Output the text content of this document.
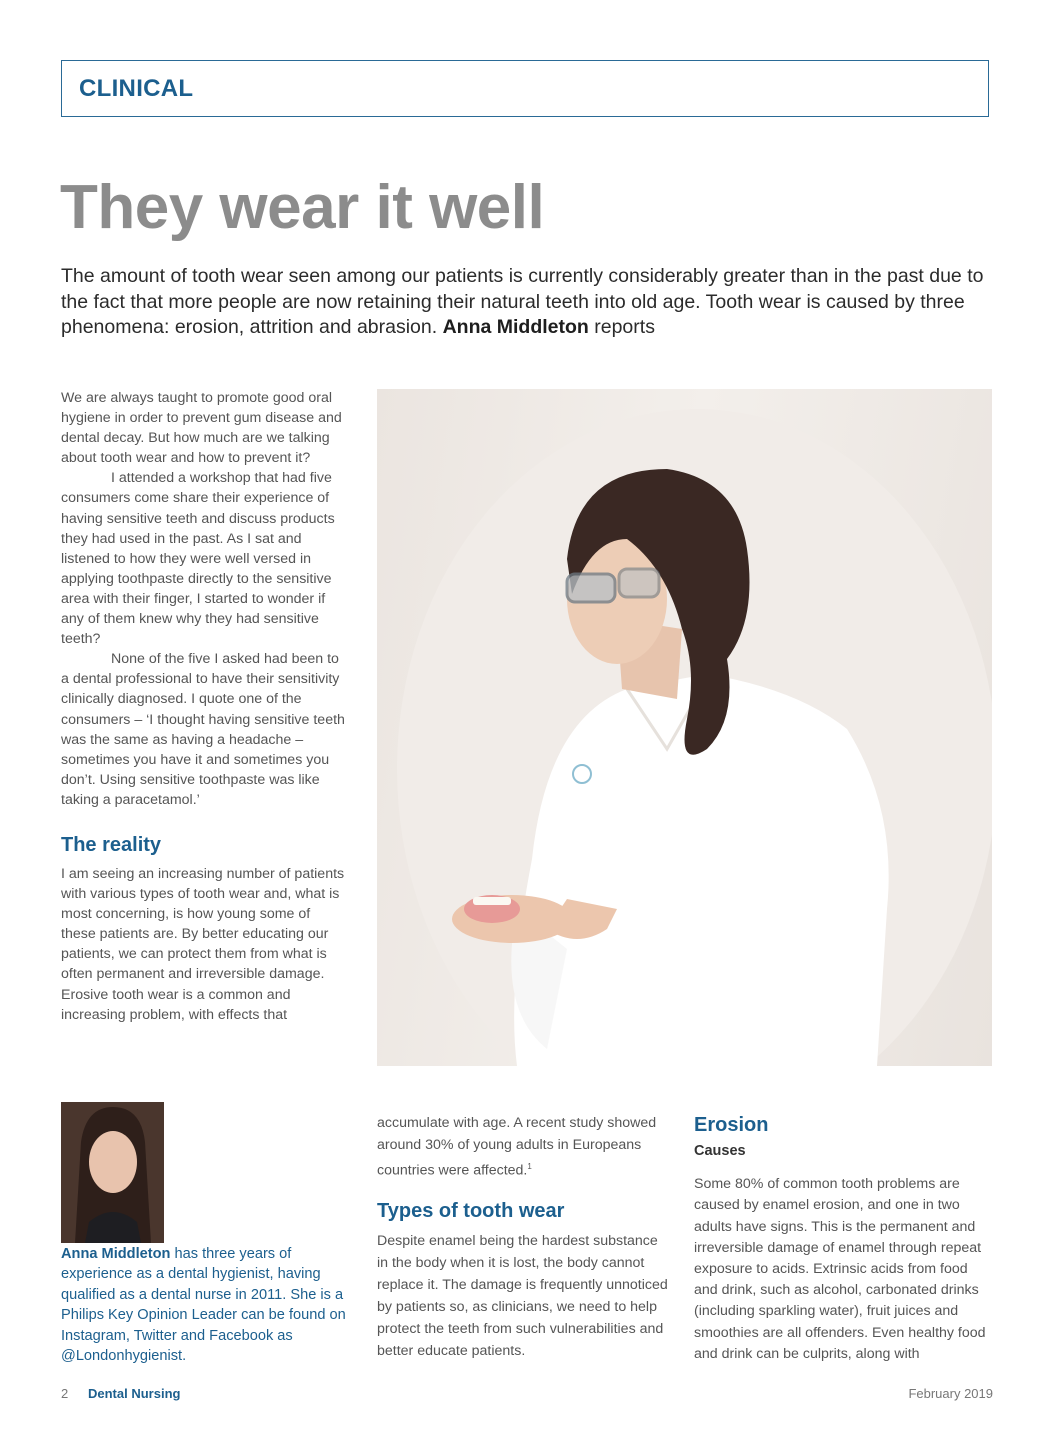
CLINICAL
They wear it well

The amount of tooth wear seen among our patients is currently considerably greater than in the past due to the fact that more people are now retaining their natural teeth into old age. Tooth wear is caused by three phenomena: erosion, attrition and abrasion. Anna Middleton reports

We are always taught to promote good oral hygiene in order to prevent gum disease and dental decay. But how much are we talking about tooth wear and how to prevent it?

I attended a workshop that had five consumers come share their experience of having sensitive teeth and discuss products they had used in the past. As I sat and listened to how they were well versed in applying toothpaste directly to the sensitive area with their finger, I started to wonder if any of them knew why they had sensitive teeth?

None of the five I asked had been to a dental professional to have their sensitivity clinically diagnosed. I quote one of the consumers – ‘I thought having sensitive teeth was the same as having a headache – sometimes you have it and sometimes you don’t. Using sensitive toothpaste was like taking a paracetamol.’

The reality

I am seeing an increasing number of patients with various types of tooth wear and, what is most concerning, is how young some of these patients are. By better educating our patients, we can protect them from what is often permanent and irreversible damage. Erosive tooth wear is a common and increasing problem, with effects that

Anna Middleton has three years of experience as a dental hygienist, having qualified as a dental nurse in 2011. She is a Philips Key Opinion Leader can be found on Instagram, Twitter and Facebook as @Londonhygienist.

accumulate with age. A recent study showed around 30% of young adults in Europeans countries were affected.$^1$

Types of tooth wear

Despite enamel being the hardest substance in the body when it is lost, the body cannot replace it. The damage is frequently unnoticed by patients so, as clinicians, we need to help protect the teeth from such vulnerabilities and better educate patients.

Erosion
Causes

Some 80% of common tooth problems are caused by enamel erosion, and one in two adults have signs. This is the permanent and irreversible damage of enamel through repeat exposure to acids. Extrinsic acids from food and drink, such as alcohol, carbonated drinks (including sparkling water), fruit juices and smoothies are all offenders. Even healthy food and drink can be culprits, along with

2 Dental Nursing	February 2019
